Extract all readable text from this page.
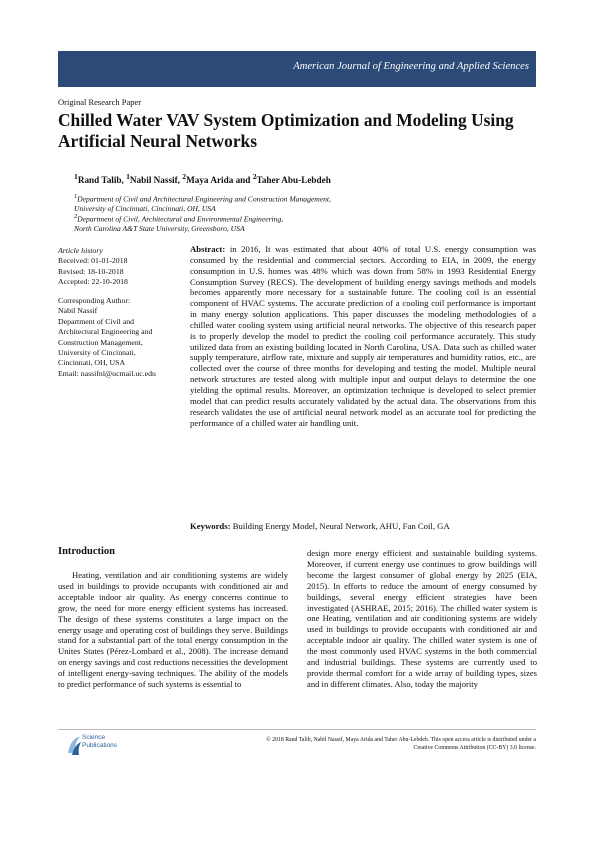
American Journal of Engineering and Applied Sciences
Original Research Paper
Chilled Water VAV System Optimization and Modeling Using Artificial Neural Networks
$^1$Rand Talib, $^1$Nabil Nassif, $^2$Maya Arida and $^2$Taher Abu-Lebdeh
$^1$Department of Civil and Architectural Engineering and Construction Management,
University of Cincinnati, Cincinnati, OH, USA
$^2$Department of Civil, Architectural and Environmental Engineering,
North Carolina A&T State University, Greensboro, USA
Article history
Received: 01-01-2018
Revised: 18-10-2018
Accepted: 22-10-2018
Corresponding Author:
Nabil Nassif
Department of Civil and
Architectural Engineering and
Construction Management,
University of Cincinnati,
Cincinnati, OH, USA
Email: nassifnl@ucmail.uc.edu

Abstract: in 2016, It was estimated that about 40% of total U.S. energy consumption was consumed by the residential and commercial sectors. According to EIA, in 2009, the energy consumption in U.S. homes was 48% which was down from 58% in 1993 Residential Energy Consumption Survey (RECS). The development of building energy savings methods and models becomes apparently more necessary for a sustainable future. The cooling coil is an essential component of HVAC systems. The accurate prediction of a cooling coil performance is important in many energy solution applications. This paper discusses the modeling methodologies of a chilled water cooling system using artificial neural networks. The objective of this research paper is to properly develop the model to predict the cooling coil performance accurately. This study utilized data from an existing building located in North Carolina, USA. Data such as chilled water supply temperature, airflow rate, mixture and supply air temperatures and humidity ratios, etc., are collected over the course of three months for developing and testing the model. Multiple neural network structures are tested along with multiple input and output delays to determine the one yielding the optimal results. Moreover, an optimization technique is developed to select premier model that can predict results accurately validated by the actual data. The observations from this research validates the use of artificial neural network model as an accurate tool for predicting the performance of a chilled water air handling unit.

Keywords: Building Energy Model, Neural Network, AHU, Fan Coil, GA
Introduction

Heating, ventilation and air conditioning systems are widely used in buildings to provide occupants with conditioned air and acceptable indoor air quality. As energy concerns continue to grow, the need for more energy efficient systems has increased. The design of these systems constitutes a large impact on the energy usage and operating cost of buildings they serve. Buildings stand for a substantial part of the total energy consumption in the Unites States (Pérez-Lombard et al., 2008). The increase demand on energy savings and cost reductions necessities the development of intelligent energy-saving techniques. The ability of the models to predict performance of such systems is essential to

design more energy efficient and sustainable building systems. Moreover, if current energy use continues to grow buildings will become the largest consumer of global energy by 2025 (EIA, 2015). In efforts to reduce the amount of energy consumed by buildings, several energy efficient strategies have been investigated (ASHRAE, 2015; 2016). The chilled water system is one Heating, ventilation and air conditioning systems are widely used in buildings to provide occupants with conditioned air and acceptable indoor air quality. The chilled water system is one of the most commonly used HVAC systems in the both commercial and industrial buildings. These systems are currently used to provide thermal comfort for a wide array of building types, sizes and in different climates. Also, today the majority

Science
Publications
© 2018 Rand Talib, Nabil Nassif, Maya Arida and Taher Abu-Lebdeh. This open access article is distributed under a
Creative Commons Attribution (CC-BY) 3.0 license.
